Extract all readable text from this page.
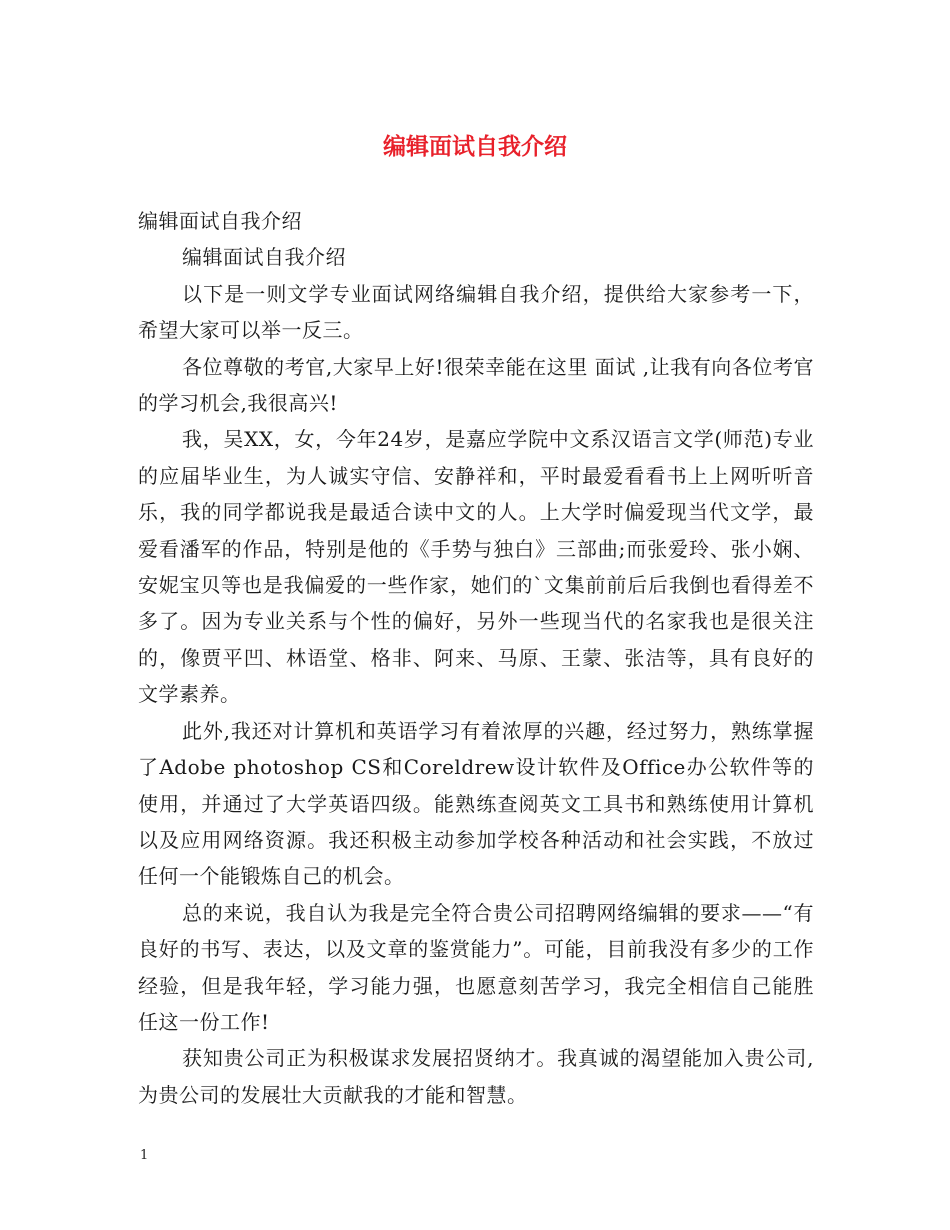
编辑面试自我介绍

编辑面试自我介绍

编辑面试自我介绍

以下是一则文学专业面试网络编辑自我介绍，提供给大家参考一下，希望大家可以举一反三。

各位尊敬的考官,大家早上好!很荣幸能在这里 面试 ,让我有向各位考官的学习机会,我很高兴!

我，吴XX，女，今年24岁，是嘉应学院中文系汉语言文学(师范)专业的应届毕业生，为人诚实守信、安静祥和，平时最爱看看书上上网听听音乐，我的同学都说我是最适合读中文的人。上大学时偏爱现当代文学，最爱看潘军的作品，特别是他的《手势与独白》三部曲;而张爱玲、张小娴、安妮宝贝等也是我偏爱的一些作家，她们的`文集前前后后我倒也看得差不多了。因为专业关系与个性的偏好，另外一些现当代的名家我也是很关注的，像贾平凹、林语堂、格非、阿来、马原、王蒙、张洁等，具有良好的文学素养。

此外,我还对计算机和英语学习有着浓厚的兴趣，经过努力，熟练掌握了Adobe photoshop CS和Coreldrew设计软件及Office办公软件等的使用，并通过了大学英语四级。能熟练查阅英文工具书和熟练使用计算机以及应用网络资源。我还积极主动参加学校各种活动和社会实践，不放过任何一个能锻炼自己的机会。

总的来说，我自认为我是完全符合贵公司招聘网络编辑的要求——“有良好的书写、表达，以及文章的鉴赏能力”。可能，目前我没有多少的工作经验，但是我年轻，学习能力强，也愿意刻苦学习，我完全相信自己能胜任这一份工作!

获知贵公司正为积极谋求发展招贤纳才。我真诚的渴望能加入贵公司,为贵公司的发展壮大贡献我的才能和智慧。

1
